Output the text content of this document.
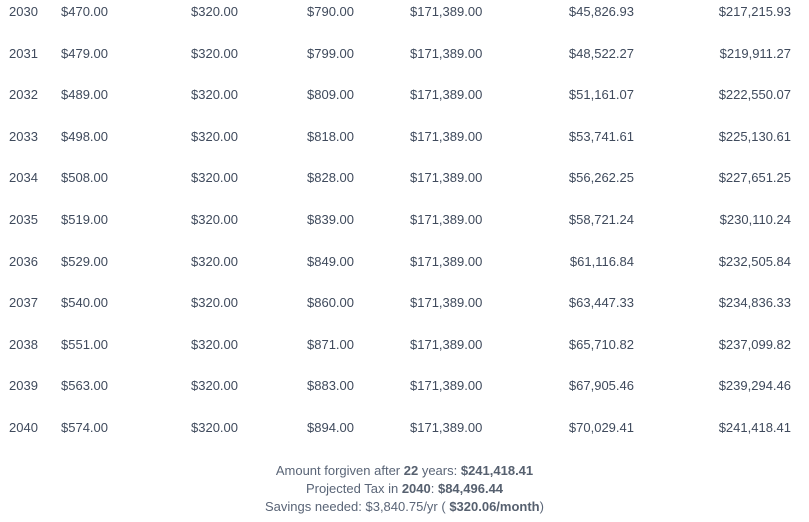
2030 $470.00	$320.00	$790.00	$171,389.00	$45,826.93	$217,215.93
2031 $479.00	$320.00	$799.00	$171,389.00	$48,522.27	$219,911.27
2032 $489.00	$320.00	$809.00	$171,389.00	$51,161.07	$222,550.07
2033 $498.00	$320.00	$818.00	$171,389.00	$53,741.61	$225,130.61
2034 $508.00	$320.00	$828.00	$171,389.00	$56,262.25	$227,651.25
2035 $519.00	$320.00	$839.00	$171,389.00	$58,721.24	$230,110.24
2036 $529.00	$320.00	$849.00	$171,389.00	$61,116.84	$232,505.84
2037 $540.00	$320.00	$860.00	$171,389.00	$63,447.33	$234,836.33
2038 $551.00	$320.00	$871.00	$171,389.00	$65,710.82	$237,099.82
2039 $563.00	$320.00	$883.00	$171,389.00	$67,905.46	$239,294.46
2040 $574.00	$320.00	$894.00	$171,389.00	$70,029.41	$241,418.41
Amount forgiven after 22 years: $241,418.41
Projected Tax in 2040: $84,496.44
Savings needed: $3,840.75/yr ( $320.06/month)
